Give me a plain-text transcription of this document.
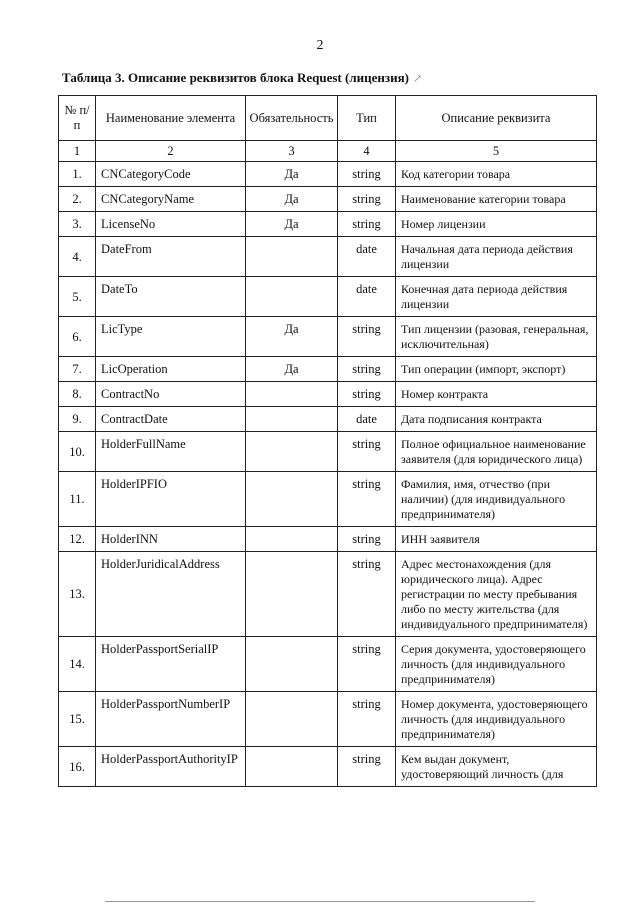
2
Таблица 3. Описание реквизитов блока Request (лицензия) ↗
№ п/п	Наименование элемента	Обязательность	Тип	Описание реквизита
1	2	3	4	5
1.	CNCategoryCode	Да	string	Код категории товара
2.	CNCategoryName	Да	string	Наименование категории товара
3.	LicenseNo	Да	string	Номер лицензии
4.	DateFrom		date	Начальная дата периода действия лицензии
5.	DateTo		date	Конечная дата периода действия лицензии
6.	LicType	Да	string	Тип лицензии (разовая, генеральная, исключительная)
7.	LicOperation	Да	string	Тип операции (импорт, экспорт)
8.	ContractNo		string	Номер контракта
9.	ContractDate		date	Дата подписания контракта
10.	HolderFullName		string	Полное официальное наименование заявителя (для юридического лица)
11.	HolderIPFIO		string	Фамилия, имя, отчество (при наличии) (для индивидуального предпринимателя)
12.	HolderINN		string	ИНН заявителя
13.	HolderJuridicalAddress		string	Адрес местонахождения (для юридического лица). Адрес регистрации по месту пребывания либо по месту жительства (для индивидуального предпринимателя)
14.	HolderPassportSerialIP		string	Серия документа, удостоверяющего личность (для индивидуального предпринимателя)
15.	HolderPassportNumberIP		string	Номер документа, удостоверяющего личность (для индивидуального предпринимателя)
16.	HolderPassportAuthorityIP		string	Кем выдан документ, удостоверяющий личность (для
